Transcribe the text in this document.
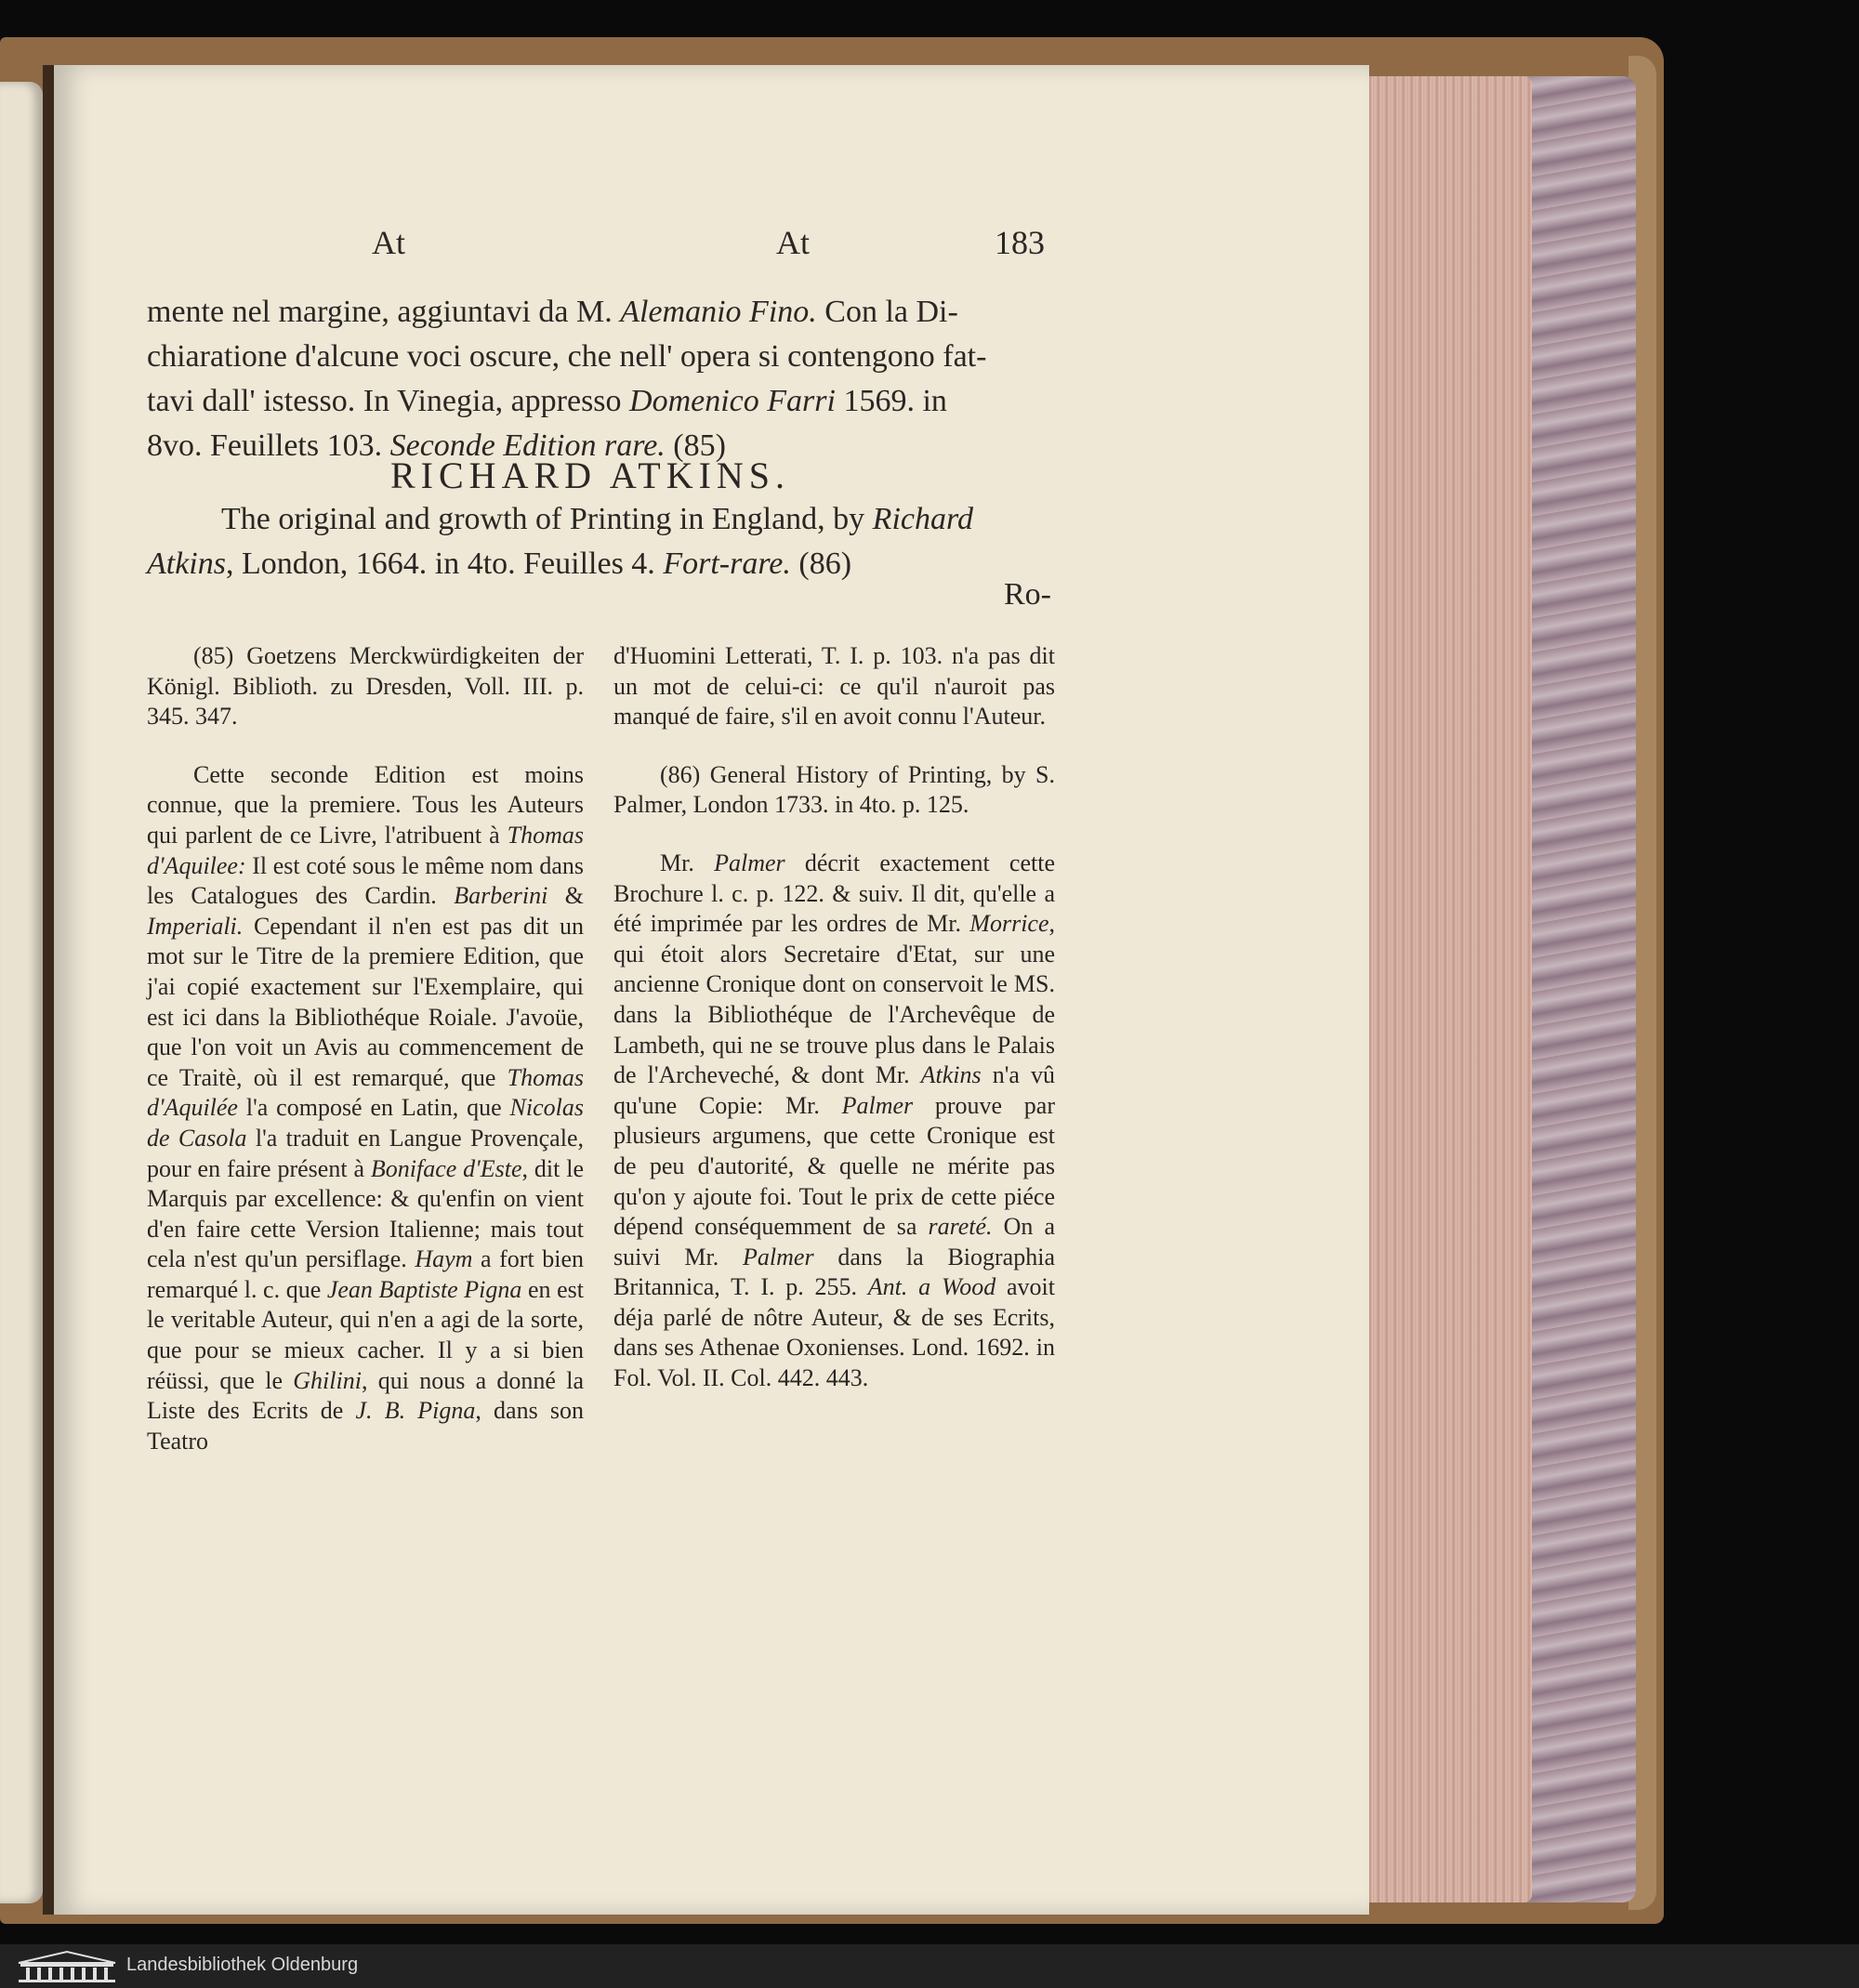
At	At	183
mente nel margine, aggiuntavi da M. Alemanio Fino. Con la Di-
chiaratione d'alcune voci oscure, che nell' opera si contengono fat-
tavi dall' istesso. In Vinegia, appresso Domenico Farri 1569. in
8vo. Feuillets 103. Seconde Edition rare. (85)
RICHARD ATKINS.
The original and growth of Printing in England, by Richard
Atkins, London, 1664. in 4to. Feuilles 4. Fort-rare. (86)
Ro-

(85) Goetzens Merckwürdigkeiten der Königl. Biblioth. zu Dresden, Voll. III. p. 345. 347.

Cette seconde Edition est moins connue, que la premiere. Tous les Auteurs qui parlent de ce Livre, l'atribuent à Thomas d'Aquilee: Il est coté sous le même nom dans les Catalogues des Cardin. Barberini & Imperiali. Cependant il n'en est pas dit un mot sur le Titre de la premiere Edition, que j'ai copié exactement sur l'Exemplaire, qui est ici dans la Bibliothéque Roiale. J'avoüe, que l'on voit un Avis au commencement de ce Traitè, où il est remarqué, que Thomas d'Aquilée l'a composé en Latin, que Nicolas de Casola l'a traduit en Langue Provençale, pour en faire présent à Boniface d'Este, dit le Marquis par excellence: & qu'enfin on vient d'en faire cette Version Italienne; mais tout cela n'est qu'un persiflage. Haym a fort bien remarqué l. c. que Jean Baptiste Pigna en est le veritable Auteur, qui n'en a agi de la sorte, que pour se mieux cacher. Il y a si bien réüssi, que le Ghilini, qui nous a donné la Liste des Ecrits de J. B. Pigna, dans son Teatro

d'Huomini Letterati, T. I. p. 103. n'a pas dit un mot de celui-ci: ce qu'il n'auroit pas manqué de faire, s'il en avoit connu l'Auteur.

(86) General History of Printing, by S. Palmer, London 1733. in 4to. p. 125.

Mr. Palmer décrit exactement cette Brochure l. c. p. 122. & suiv. Il dit, qu'elle a été imprimée par les ordres de Mr. Morrice, qui étoit alors Secretaire d'Etat, sur une ancienne Cronique dont on conservoit le MS. dans la Bibliothéque de l'Archevêque de Lambeth, qui ne se trouve plus dans le Palais de l'Archeveché, & dont Mr. Atkins n'a vû qu'une Copie: Mr. Palmer prouve par plusieurs argumens, que cette Cronique est de peu d'autorité, & quelle ne mérite pas qu'on y ajoute foi. Tout le prix de cette piéce dépend conséquemment de sa rareté. On a suivi Mr. Palmer dans la Biographia Britannica, T. I. p. 255. Ant. a Wood avoit déja parlé de nôtre Auteur, & de ses Ecrits, dans ses Athenae Oxonienses. Lond. 1692. in Fol. Vol. II. Col. 442. 443.

Landesbibliothek Oldenburg
